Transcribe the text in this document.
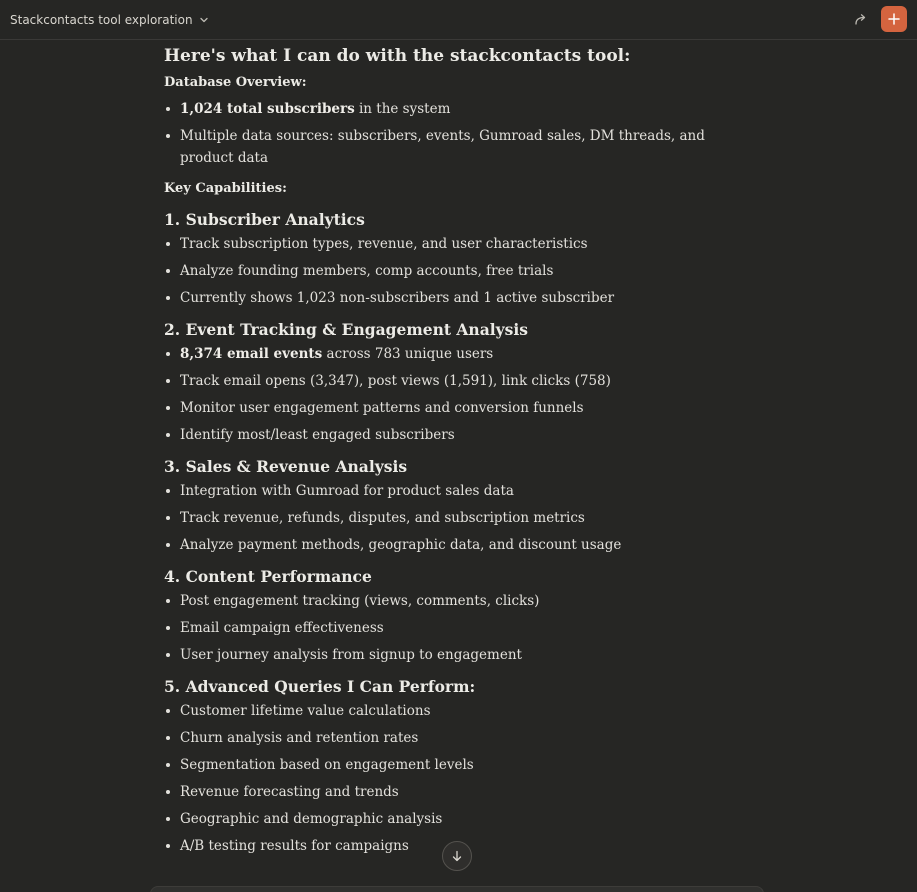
Stackcontacts tool exploration
Here's what I can do with the stackcontacts tool:

Database Overview:

1,024 total subscribers in the system
Multiple data sources: subscribers, events, Gumroad sales, DM threads, and product data

Key Capabilities:

1. Subscriber Analytics
Track subscription types, revenue, and user characteristics
Analyze founding members, comp accounts, free trials
Currently shows 1,023 non-subscribers and 1 active subscriber
2. Event Tracking & Engagement Analysis
8,374 email events across 783 unique users
Track email opens (3,347), post views (1,591), link clicks (758)
Monitor user engagement patterns and conversion funnels
Identify most/least engaged subscribers
3. Sales & Revenue Analysis
Integration with Gumroad for product sales data
Track revenue, refunds, disputes, and subscription metrics
Analyze payment methods, geographic data, and discount usage
4. Content Performance
Post engagement tracking (views, comments, clicks)
Email campaign effectiveness
User journey analysis from signup to engagement
5. Advanced Queries I Can Perform:
Customer lifetime value calculations
Churn analysis and retention rates
Segmentation based on engagement levels
Revenue forecasting and trends
Geographic and demographic analysis
A/B testing results for campaigns
